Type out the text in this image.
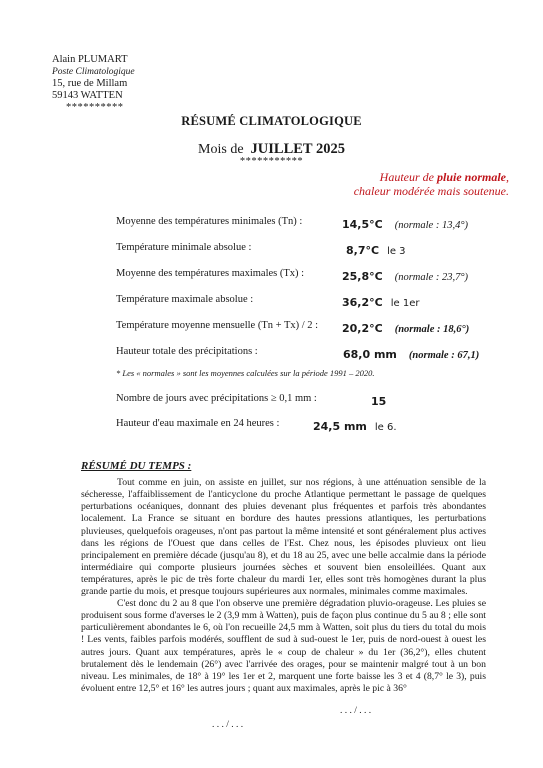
Alain PLUMART
Poste Climatologique
15, rue de Millam
59143 WATTEN
**********
RÉSUMÉ CLIMATOLOGIQUE
Mois de JUILLET 2025
***********
Hauteur de pluie normale,
chaleur modérée mais soutenue.
Moyenne des températures minimales (Tn) :	14,5°C (normale : 13,4°)
Température minimale absolue :	8,7°C le 3
Moyenne des températures maximales (Tx) :	25,8°C (normale : 23,7°)
Température maximale absolue :	36,2°C le 1er
Température moyenne mensuelle (Tn + Tx) / 2 : 20,2°C (normale : 18,6°)
Hauteur totale des précipitations :	68,0 mm (normale : 67,1)
* Les « normales » sont les moyennes calculées sur la période 1991 – 2020.
Nombre de jours avec précipitations ≥ 0,1 mm :	15
Hauteur d'eau maximale en 24 heures :	24,5 mm le 6.
RÉSUMÉ DU TEMPS :

Tout comme en juin, on assiste en juillet, sur nos régions, à une atténuation sensible de la sécheresse, l'affaiblissement de l'anticyclone du proche Atlantique permettant le passage de quelques perturbations océaniques, donnant des pluies devenant plus fréquentes et parfois très abondantes localement. La France se situant en bordure des hautes pressions atlantiques, les perturbations pluvieuses, quelquefois orageuses, n'ont pas partout la même intensité et sont généralement plus actives dans les régions de l'Ouest que dans celles de l'Est. Chez nous, les épisodes pluvieux ont lieu principalement en première décade (jusqu'au 8), et du 18 au 25, avec une belle accalmie dans la période intermédiaire qui comporte plusieurs journées sèches et souvent bien ensoleillées. Quant aux températures, après le pic de très forte chaleur du mardi 1er, elles sont très homogènes durant la plus grande partie du mois, et presque toujours supérieures aux normales, minimales comme maximales.

C'est donc du 2 au 8 que l'on observe une première dégradation pluvio-orageuse. Les pluies se produisent sous forme d'averses le 2 (3,9 mm à Watten), puis de façon plus continue du 5 au 8 ; elle sont particulièrement abondantes le 6, où l'on recueille 24,5 mm à Watten, soit plus du tiers du total du mois ! Les vents, faibles parfois modérés, soufflent de sud à sud-ouest le 1er, puis de nord-ouest à ouest les autres jours. Quant aux températures, après le « coup de chaleur » du 1er (36,2°), elles chutent brutalement dès le lendemain (26°) avec l'arrivée des orages, pour se maintenir malgré tout à un bon niveau. Les minimales, de 18° à 19° les 1er et 2, marquent une forte baisse les 3 et 4 (8,7° le 3), puis évoluent entre 12,5° et 16° les autres jours ; quant aux maximales, après le pic à 36°

. . . / . . .
. . . / . . .
